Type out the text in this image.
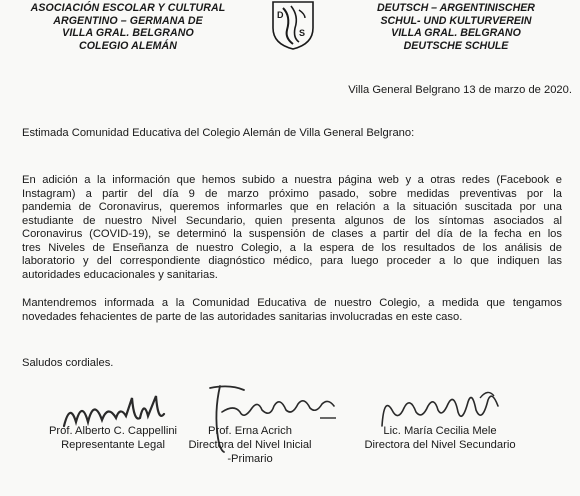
ASOCIACIÓN ESCOLAR Y CULTURAL
ARGENTINO – GERMANA DE
VILLA GRAL. BELGRANO
COLEGIO ALEMÁN
D
S
DEUTSCH – ARGENTINISCHER
SCHUL- UND KULTURVEREIN
VILLA GRAL. BELGRANO
DEUTSCHE SCHULE
Villa General Belgrano 13 de marzo de 2020.
Estimada Comunidad Educativa del Colegio Alemán de Villa General Belgrano:
En adición a la información que hemos subido a nuestra página web y a otras redes (Facebook e
Instagram) a partir del día 9 de marzo próximo pasado, sobre medidas preventivas por la
pandemia de Coronavirus, queremos informarles que en relación a la situación suscitada por una
estudiante de nuestro Nivel Secundario, quien presenta algunos de los síntomas asociados al
Coronavirus (COVID-19), se determinó la suspensión de clases a partir del día de la fecha en los
tres Niveles de Enseñanza de nuestro Colegio, a la espera de los resultados de los análisis de
laboratorio y del correspondiente diagnóstico médico, para luego proceder a lo que indiquen las
autoridades educacionales y sanitarias.
Mantendremos informada a la Comunidad Educativa de nuestro Colegio, a medida que tengamos
novedades fehacientes de parte de las autoridades sanitarias involucradas en este caso.
Saludos cordiales.
Prof. Alberto C. Cappellini
Representante Legal
Prof. Erna Acrich
Directora del Nivel Inicial
-Primario
Lic. María Cecilia Mele
Directora del Nivel Secundario
